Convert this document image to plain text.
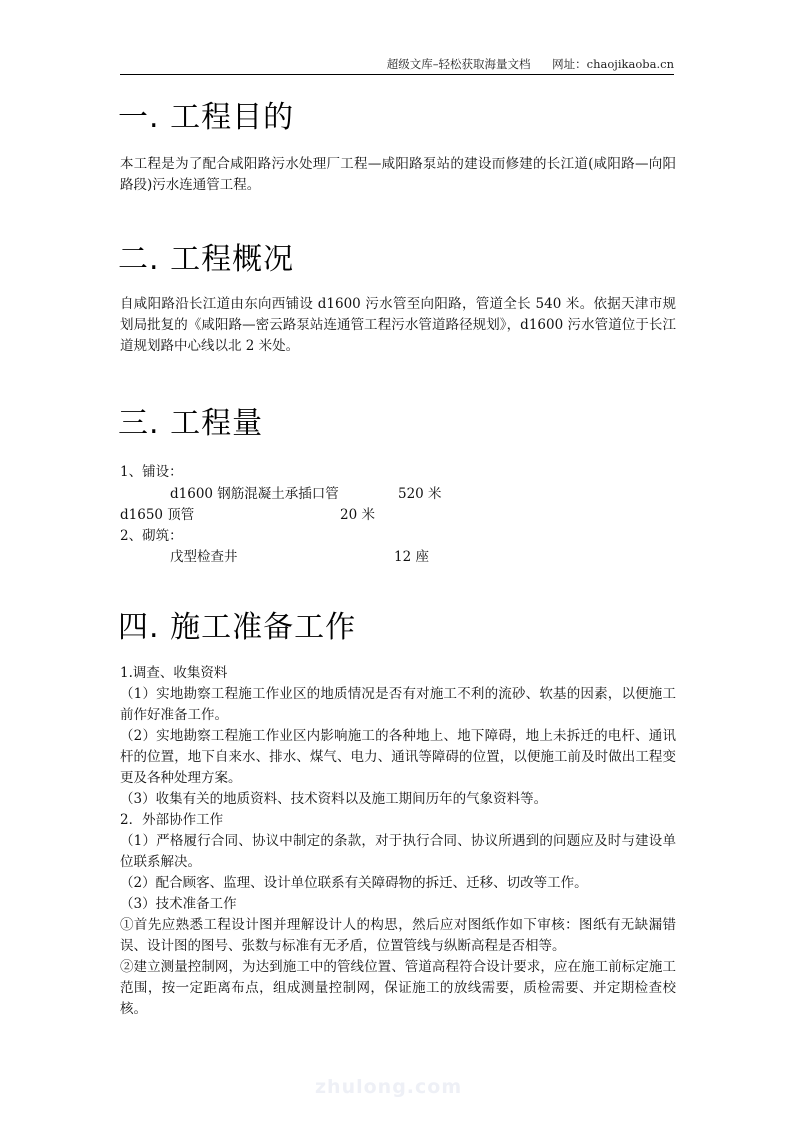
超级文库–轻松获取海量文档 网址：chaojikaoba.cn
一. 工程目的

本工程是为了配合咸阳路污水处理厂工程—咸阳路泵站的建设而修建的长江道(咸阳路—向阳路段)污水连通管工程。

二. 工程概况

自咸阳路沿长江道由东向西铺设 d1600 污水管至向阳路，管道全长 540 米。依据天津市规划局批复的《咸阳路—密云路泵站连通管工程污水管道路径规划》，d1600 污水管道位于长江道规划路中心线以北 2 米处。

三. 工程量
1、铺设：
d1600 钢筋混凝土承插口管	520 米
d1650 顶管	20 米
2、砌筑：
戊型检查井	12 座
四. 施工准备工作

1.调查、收集资料

（1）实地勘察工程施工作业区的地质情况是否有对施工不利的流砂、软基的因素，以便施工前作好准备工作。

（2）实地勘察工程施工作业区内影响施工的各种地上、地下障碍，地上未拆迁的电杆、通讯杆的位置，地下自来水、排水、煤气、电力、通讯等障碍的位置，以便施工前及时做出工程变更及各种处理方案。

（3）收集有关的地质资料、技术资料以及施工期间历年的气象资料等。

2．外部协作工作

（1）严格履行合同、协议中制定的条款，对于执行合同、协议所遇到的问题应及时与建设单位联系解决。

（2）配合顾客、监理、设计单位联系有关障碍物的拆迁、迁移、切改等工作。

（3）技术准备工作

①首先应熟悉工程设计图并理解设计人的构思，然后应对图纸作如下审核：图纸有无缺漏错误、设计图的图号、张数与标准有无矛盾，位置管线与纵断高程是否相等。

②建立测量控制网，为达到施工中的管线位置、管道高程符合设计要求，应在施工前标定施工范围，按一定距离布点，组成测量控制网，保证施工的放线需要，质检需要、并定期检查校核。

zhulong.com
